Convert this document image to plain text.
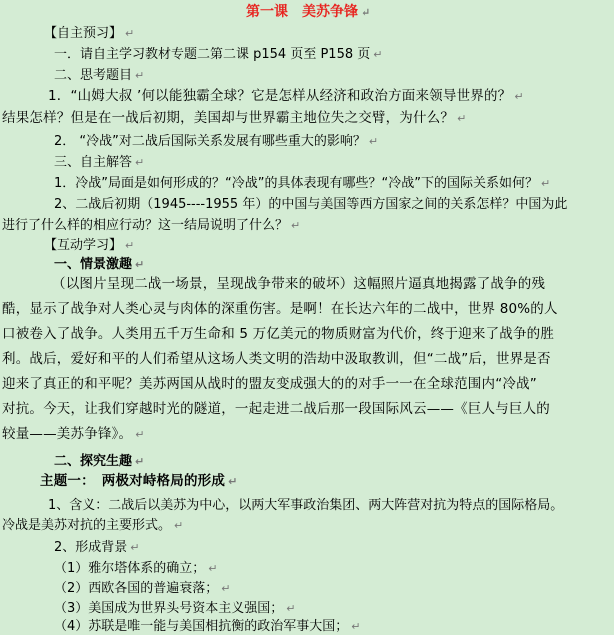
第一课　美苏争锋 ↵
【自主预习】 ↵
一．请自主学习教材专题二第二课 p154 页至 P158 页 ↵
二、思考题目 ↵
1．“山姆大叔 ’何以能独霸全球？它是怎样从经济和政治方面来领导世界的？ ↵
结果怎样？但是在一战后初期，美国却与世界霸主地位失之交臂，为什么？ ↵
2． “冷战”对二战后国际关系发展有哪些重大的影响？ ↵
三、自主解答 ↵
1．冷战”局面是如何形成的？“冷战”的具体表现有哪些？“冷战”下的国际关系如何？ ↵
2、二战后初期（1945----1955 年）的中国与美国等西方国家之间的关系怎样？中国为此
进行了什么样的相应行动？这一结局说明了什么？ ↵
【互动学习】 ↵
一、情景激趣 ↵
（以图片呈现二战一场景，呈现战争带来的破坏）这幅照片逼真地揭露了战争的残
酷，显示了战争对人类心灵与肉体的深重伤害。是啊！在长达六年的二战中，世界 80%的人
口被卷入了战争。人类用五千万生命和 5 万亿美元的物质财富为代价，终于迎来了战争的胜
利。战后，爱好和平的人们希望从这场人类文明的浩劫中汲取教训，但“二战”后，世界是否
迎来了真正的和平呢？美苏两国从战时的盟友变成强大的的对手一一在全球范围内“冷战”
对抗。今天，让我们穿越时光的隧道，一起走进二战后那一段国际风云——《巨人与巨人的
较量——美苏争锋》。 ↵
二、探究生趣 ↵
主题一：　两极对峙格局的形成 ↵
1、含义：二战后以美苏为中心，以两大军事政治集团、两大阵营对抗为特点的国际格局。
冷战是美苏对抗的主要形式。 ↵
2、形成背景 ↵
（1）雅尔塔体系的确立； ↵
（2）西欧各国的普遍衰落； ↵
（3）美国成为世界头号资本主义强国； ↵
（4）苏联是唯一能与美国相抗衡的政治军事大国； ↵
